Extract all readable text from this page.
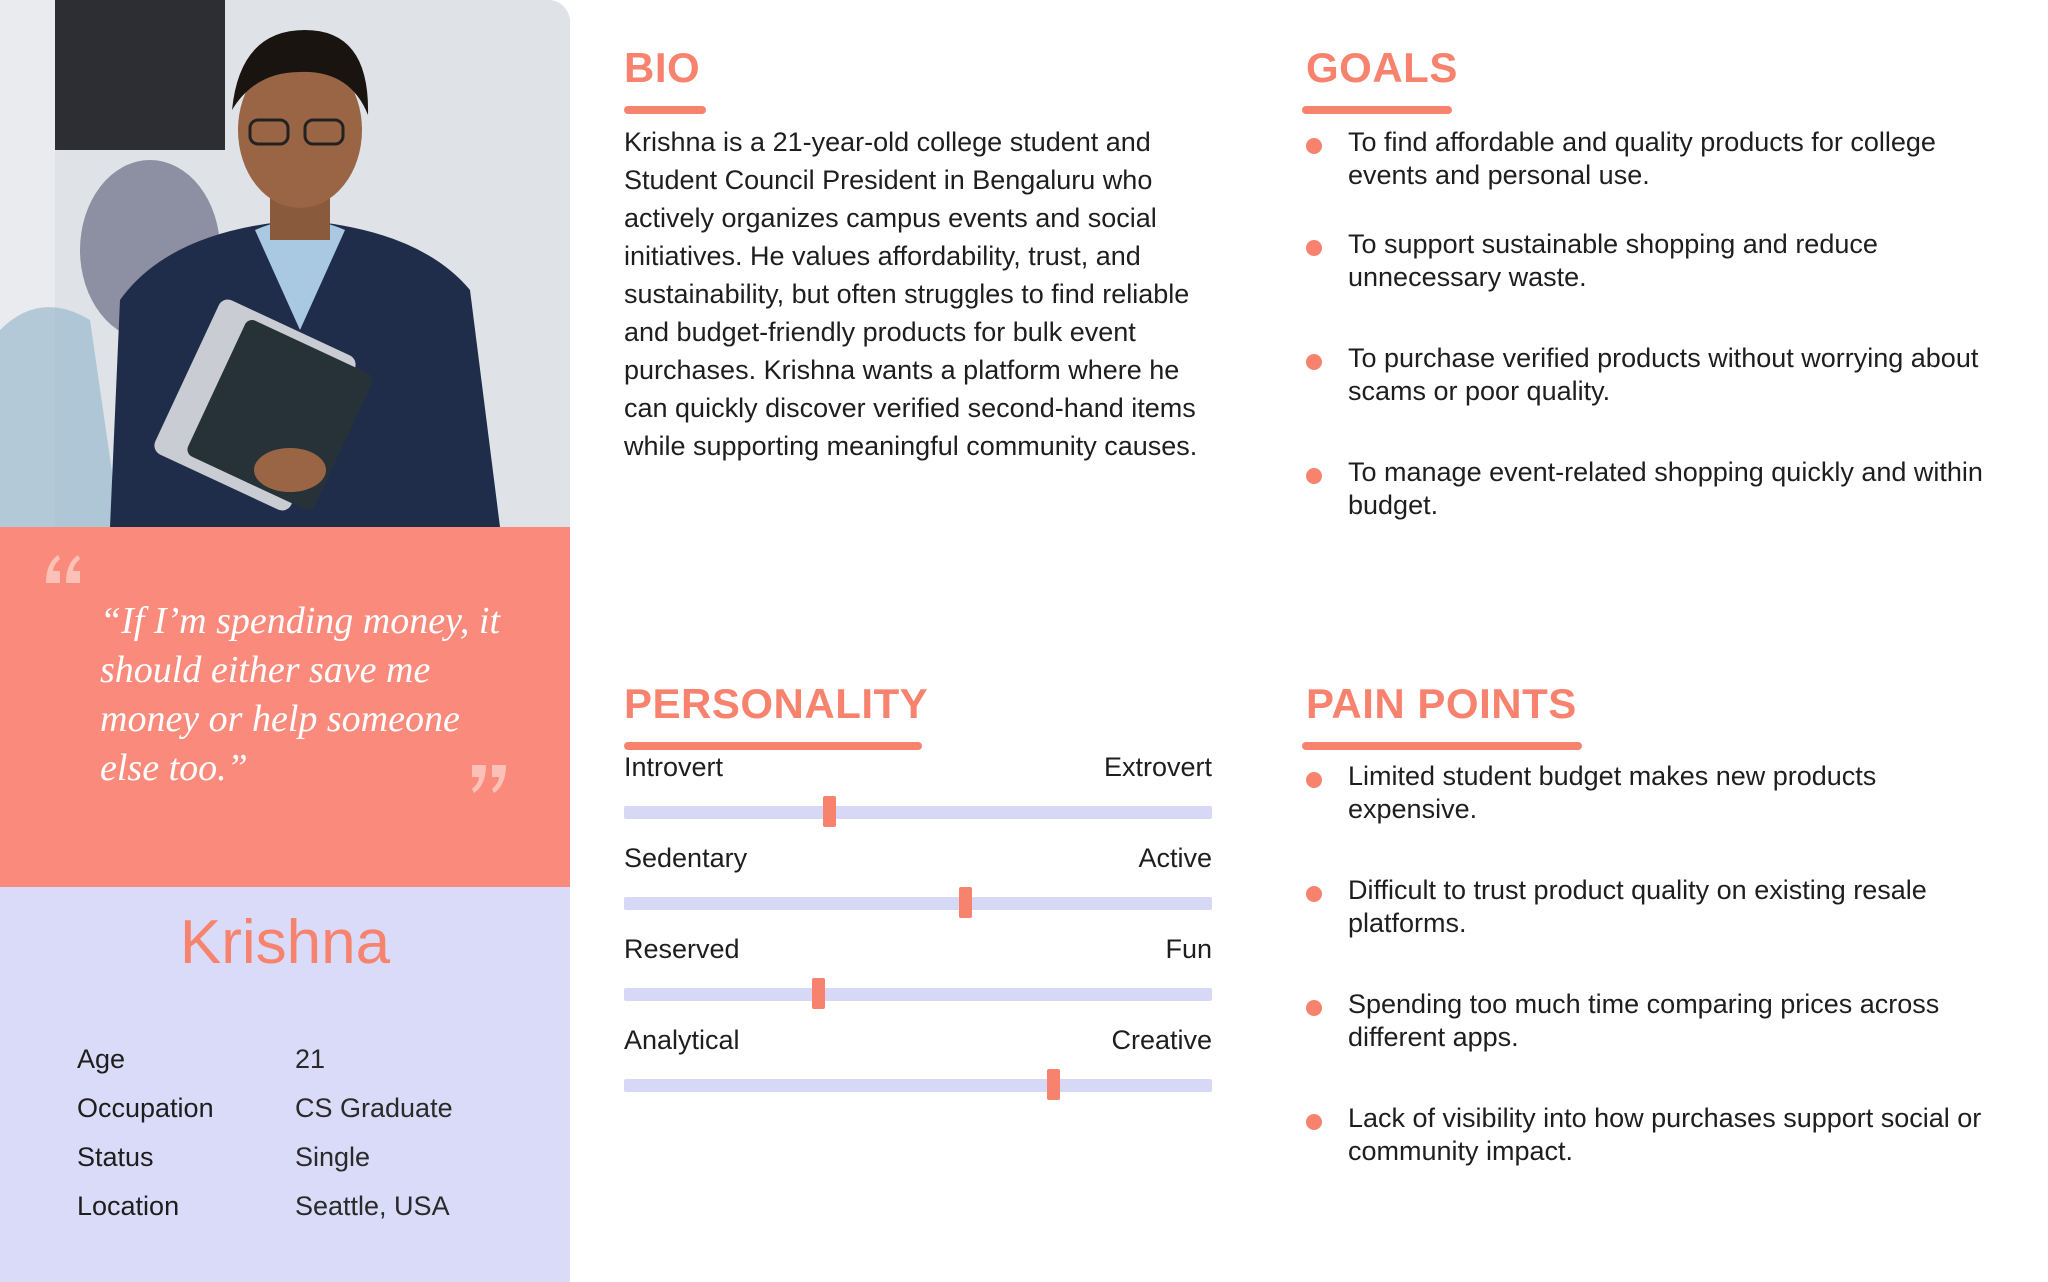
“If I’m spending money, it should either save me money or help someone else too.”
Krishna
Age	21
Occupation	CS Graduate
Status	Single
Location	Seattle, USA
BIO
Krishna is a 21-year-old college student and Student Council President in Bengaluru who actively organizes campus events and social initiatives. He values affordability, trust, and sustainability, but often struggles to find reliable and budget-friendly products for bulk event purchases. Krishna wants a platform where he can quickly discover verified second-hand items while supporting meaningful community causes.
GOALS
To find affordable and quality products for college events and personal use.
To support sustainable shopping and reduce unnecessary waste.
To purchase verified products without worrying about scams or poor quality.
To manage event-related shopping quickly and within budget.
PERSONALITY
Introvert	Extrovert
Sedentary	Active
Reserved	Fun
Analytical	Creative
PAIN POINTS
Limited student budget makes new products expensive.
Difficult to trust product quality on existing resale platforms.
Spending too much time comparing prices across different apps.
Lack of visibility into how purchases support social or community impact.
